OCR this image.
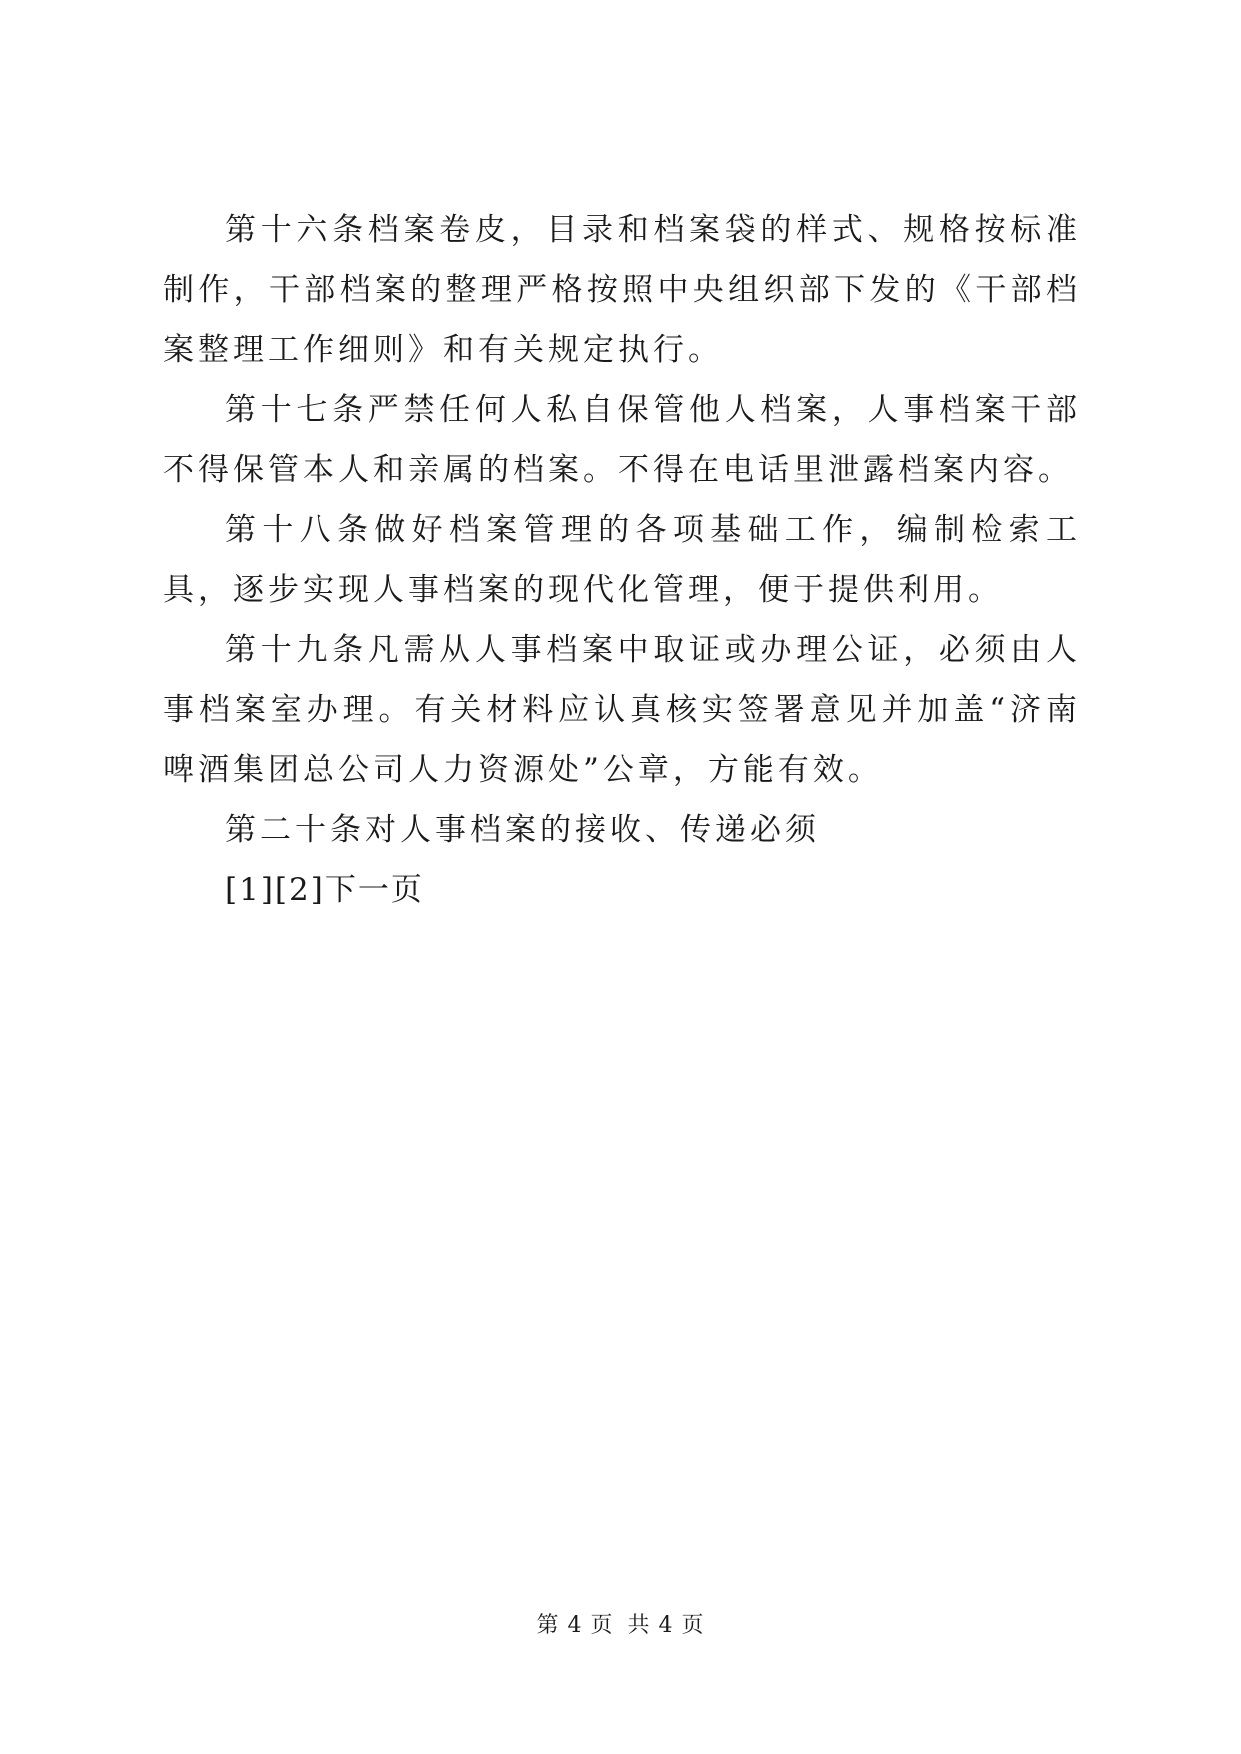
第十六条档案卷皮，目录和档案袋的样式、规格按标准制作，干部档案的整理严格按照中央组织部下发的《干部档案整理工作细则》和有关规定执行。

第十七条严禁任何人私自保管他人档案，人事档案干部不得保管本人和亲属的档案。不得在电话里泄露档案内容。

第十八条做好档案管理的各项基础工作，编制检索工具，逐步实现人事档案的现代化管理，便于提供利用。

第十九条凡需从人事档案中取证或办理公证，必须由人事档案室办理。有关材料应认真核实签署意见并加盖“济南啤酒集团总公司人力资源处”公章，方能有效。

第二十条对人事档案的接收、传递必须

[1][2]下一页

第 4 页 共 4 页
